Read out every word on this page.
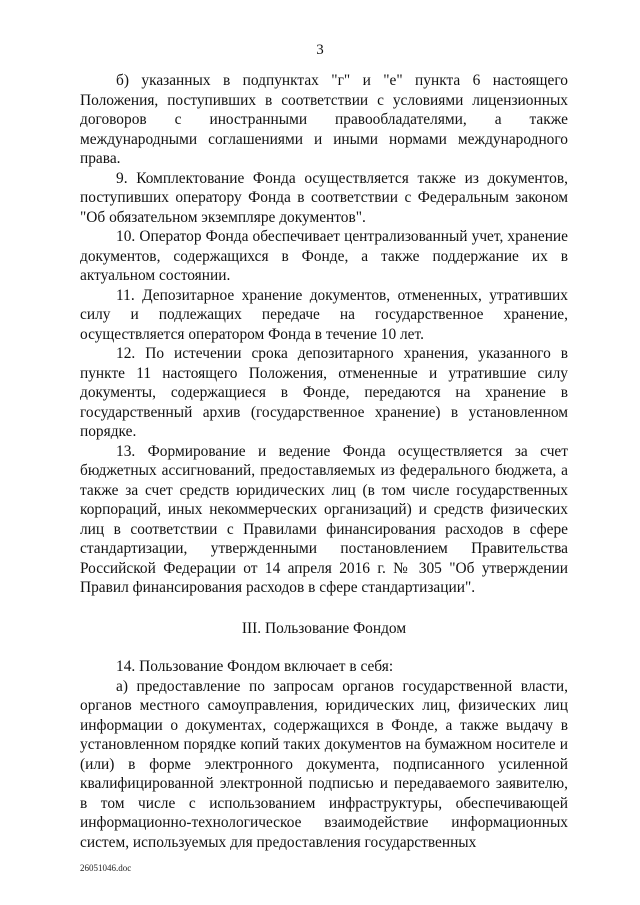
3

б) указанных в подпунктах "г" и "е" пункта 6 настоящего Положения, поступивших в соответствии с условиями лицензионных договоров с иностранными правообладателями, а также международными соглашениями и иными нормами международного права.

9. Комплектование Фонда осуществляется также из документов, поступивших оператору Фонда в соответствии с Федеральным законом "Об обязательном экземпляре документов".

10. Оператор Фонда обеспечивает централизованный учет, хранение документов, содержащихся в Фонде, а также поддержание их в актуальном состоянии.

11. Депозитарное хранение документов, отмененных, утративших силу и подлежащих передаче на государственное хранение, осуществляется оператором Фонда в течение 10 лет.

12. По истечении срока депозитарного хранения, указанного в пункте 11 настоящего Положения, отмененные и утратившие силу документы, содержащиеся в Фонде, передаются на хранение в государственный архив (государственное хранение) в установленном порядке.

13. Формирование и ведение Фонда осуществляется за счет бюджетных ассигнований, предоставляемых из федерального бюджета, а также за счет средств юридических лиц (в том числе государственных корпораций, иных некоммерческих организаций) и средств физических лиц в соответствии с Правилами финансирования расходов в сфере стандартизации, утвержденными постановлением Правительства Российской Федерации от 14 апреля 2016 г. № 305 "Об утверждении Правил финансирования расходов в сфере стандартизации".

III. Пользование Фондом

14. Пользование Фондом включает в себя:

а) предоставление по запросам органов государственной власти, органов местного самоуправления, юридических лиц, физических лиц информации о документах, содержащихся в Фонде, а также выдачу в установленном порядке копий таких документов на бумажном носителе и (или) в форме электронного документа, подписанного усиленной квалифицированной электронной подписью и передаваемого заявителю, в том числе с использованием инфраструктуры, обеспечивающей информационно-технологическое взаимодействие информационных систем, используемых для предоставления государственных

26051046.doc
